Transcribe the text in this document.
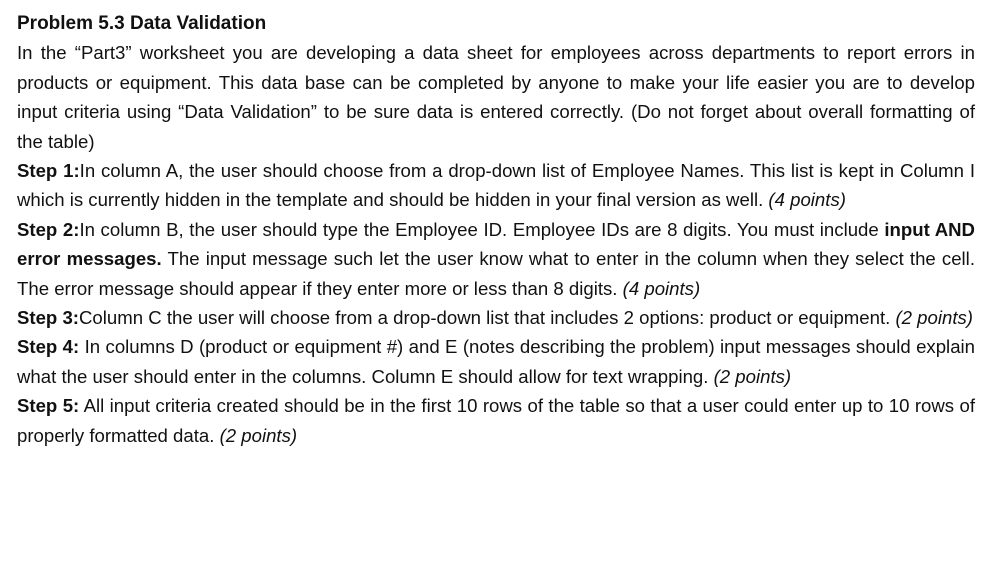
Problem 5.3 Data Validation

In the “Part3” worksheet you are developing a data sheet for employees across departments to report errors in products or equipment. This data base can be completed by anyone to make your life easier you are to develop input criteria using “Data Validation” to be sure data is entered correctly. (Do not forget about overall formatting of the table)

Step 1:In column A, the user should choose from a drop-down list of Employee Names. This list is kept in Column I which is currently hidden in the template and should be hidden in your final version as well. (4 points)

Step 2:In column B, the user should type the Employee ID. Employee IDs are 8 digits. You must include input AND error messages. The input message such let the user know what to enter in the column when they select the cell. The error message should appear if they enter more or less than 8 digits. (4 points)

Step 3:Column C the user will choose from a drop-down list that includes 2 options: product or equipment. (2 points)

Step 4: In columns D (product or equipment #) and E (notes describing the problem) input messages should explain what the user should enter in the columns. Column E should allow for text wrapping. (2 points)

Step 5: All input criteria created should be in the first 10 rows of the table so that a user could enter up to 10 rows of properly formatted data. (2 points)
